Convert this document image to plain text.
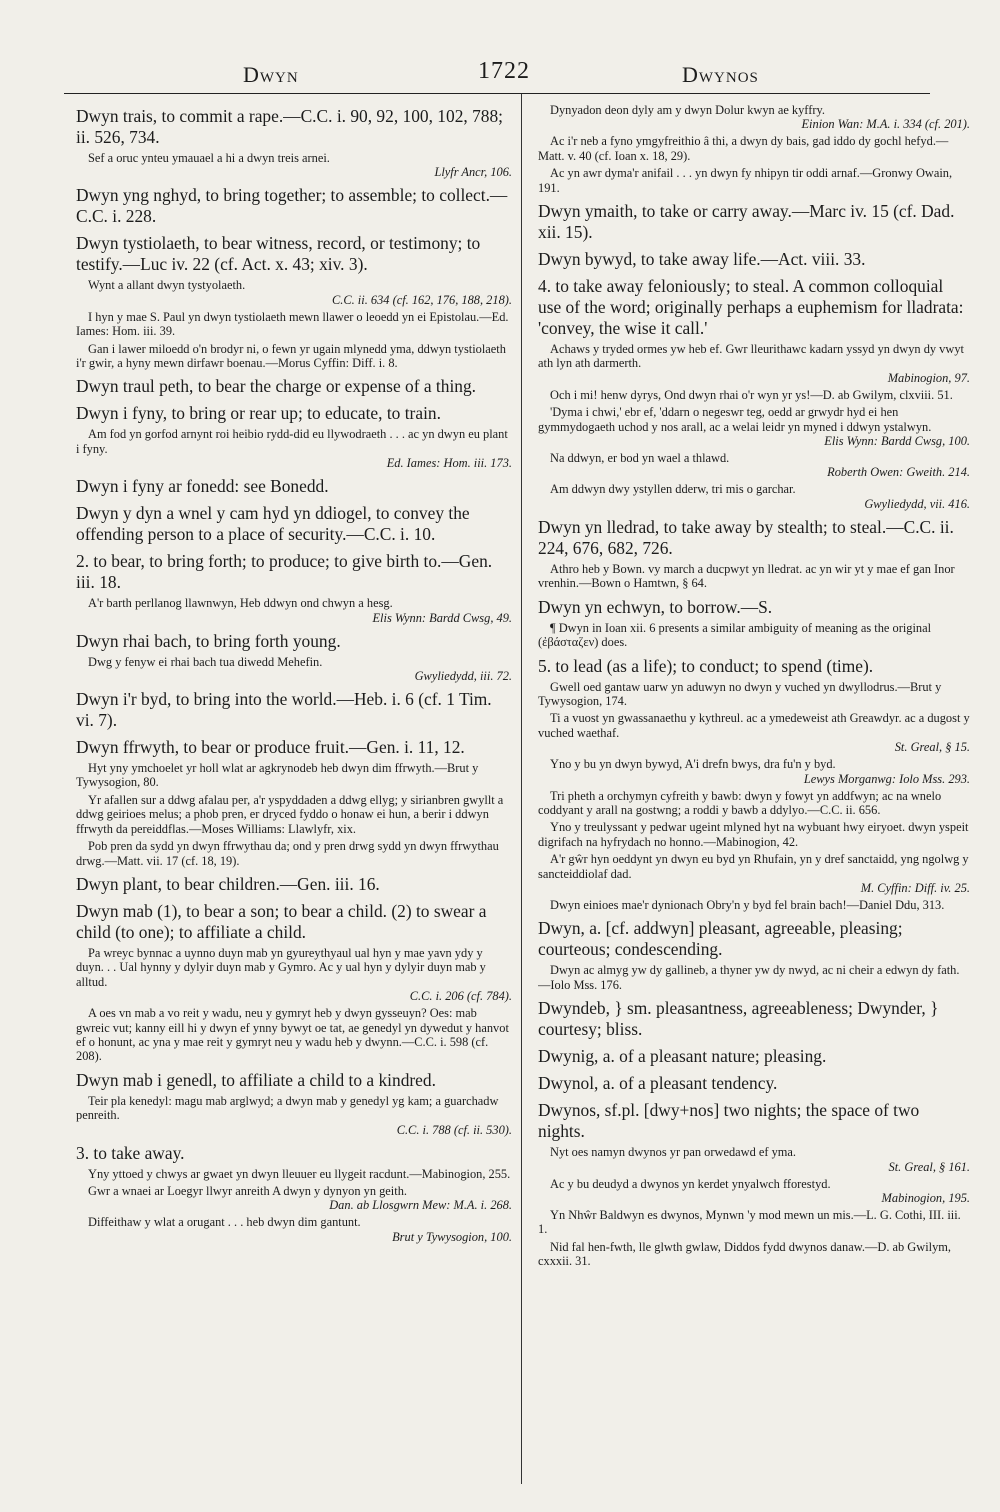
Dwyn	1722	Dwynos

Dwyn trais, to commit a rape.—C.C. i. 90, 92, 100, 102, 788; ii. 526, 734.

Sef a oruc ynteu ymauael a hi a dwyn treis arnei.

Llyfr Ancr, 106.

Dwyn yng nghyd, to bring together; to assemble; to collect.—C.C. i. 228.

Dwyn tystiolaeth, to bear witness, record, or testimony; to testify.—Luc iv. 22 (cf. Act. x. 43; xiv. 3).

Wynt a allant dwyn tystyolaeth.

C.C. ii. 634 (cf. 162, 176, 188, 218).

I hyn y mae S. Paul yn dwyn tystiolaeth mewn llawer o leoedd yn ei Epistolau.—Ed. Iames: Hom. iii. 39.

Gan i lawer miloedd o'n brodyr ni, o fewn yr ugain mlynedd yma, ddwyn tystiolaeth i'r gwir, a hyny mewn dirfawr boenau.—Morus Cyffin: Diff. i. 8.

Dwyn traul peth, to bear the charge or expense of a thing.

Dwyn i fyny, to bring or rear up; to educate, to train.

Am fod yn gorfod arnynt roi heibio rydd-did eu llywodraeth . . . ac yn dwyn eu plant i fyny.

Ed. Iames: Hom. iii. 173.

Dwyn i fyny ar fonedd: see Bonedd.

Dwyn y dyn a wnel y cam hyd yn ddiogel, to convey the offending person to a place of security.—C.C. i. 10.

2. to bear, to bring forth; to produce; to give birth to.—Gen. iii. 18.

A'r barth perllanog llawnwyn, Heb ddwyn ond chwyn a hesg.

Elis Wynn: Bardd Cwsg, 49.

Dwyn rhai bach, to bring forth young.

Dwg y fenyw ei rhai bach tua diwedd Mehefin.

Gwyliedydd, iii. 72.

Dwyn i'r byd, to bring into the world.—Heb. i. 6 (cf. 1 Tim. vi. 7).

Dwyn ffrwyth, to bear or produce fruit.—Gen. i. 11, 12.

Hyt yny ymchoelet yr holl wlat ar agkrynodeb heb dwyn dim ffrwyth.—Brut y Tywysogion, 80.

Yr afallen sur a ddwg afalau per, a'r yspyddaden a ddwg ellyg; y sirianbren gwyllt a ddwg geirioes melus; a phob pren, er dryced fyddo o honaw ei hun, a berir i ddwyn ffrwyth da pereiddflas.—Moses Williams: Llawlyfr, xix.

Pob pren da sydd yn dwyn ffrwythau da; ond y pren drwg sydd yn dwyn ffrwythau drwg.—Matt. vii. 17 (cf. 18, 19).

Dwyn plant, to bear children.—Gen. iii. 16.

Dwyn mab (1), to bear a son; to bear a child. (2) to swear a child (to one); to affiliate a child.

Pa wreyc bynnac a uynno duyn mab yn gyureythyaul ual hyn y mae yavn ydy y duyn. . . Ual hynny y dylyir duyn mab y Gymro. Ac y ual hyn y dylyir duyn mab y alltud.

C.C. i. 206 (cf. 784).

A oes vn mab a vo reit y wadu, neu y gymryt heb y dwyn gysseuyn? Oes: mab gwreic vut; kanny eill hi y dwyn ef ynny bywyt oe tat, ae genedyl yn dywedut y hanvot ef o honunt, ac yna y mae reit y gymryt neu y wadu heb y dwynn.—C.C. i. 598 (cf. 208).

Dwyn mab i genedl, to affiliate a child to a kindred.

Teir pla kenedyl: magu mab arglwyd; a dwyn mab y genedyl yg kam; a guarchadw penreith.

C.C. i. 788 (cf. ii. 530).

3. to take away.

Yny yttoed y chwys ar gwaet yn dwyn lleuuer eu llygeit racdunt.—Mabinogion, 255.

Gwr a wnaei ar Loegyr llwyr anreith A dwyn y dynyon yn geith.

Dan. ab Llosgwrn Mew: M.A. i. 268.

Diffeithaw y wlat a orugant . . . heb dwyn dim gantunt.

Brut y Tywysogion, 100.

Dynyadon deon dyly am y dwyn Dolur kwyn ae kyffry.

Einion Wan: M.A. i. 334 (cf. 201).

Ac i'r neb a fyno ymgyfreithio â thi, a dwyn dy bais, gad iddo dy gochl hefyd.—Matt. v. 40 (cf. Ioan x. 18, 29).

Ac yn awr dyma'r anifail . . . yn dwyn fy nhipyn tir oddi arnaf.—Gronwy Owain, 191.

Dwyn ymaith, to take or carry away.—Marc iv. 15 (cf. Dad. xii. 15).

Dwyn bywyd, to take away life.—Act. viii. 33.

4. to take away feloniously; to steal. A common colloquial use of the word; originally perhaps a euphemism for lladrata: 'convey, the wise it call.'

Achaws y tryded ormes yw heb ef. Gwr lleurithawc kadarn yssyd yn dwyn dy vwyt ath lyn ath darmerth.

Mabinogion, 97.

Och i mi! henw dyrys, Ond dwyn rhai o'r wyn yr ys!—D. ab Gwilym, clxviii. 51.

'Dyma i chwi,' ebr ef, 'ddarn o negeswr teg, oedd ar grwydr hyd ei hen gymmydogaeth uchod y nos arall, ac a welai leidr yn myned i ddwyn ystalwyn.

Elis Wynn: Bardd Cwsg, 100.

Na ddwyn, er bod yn wael a thlawd.

Roberth Owen: Gweith. 214.

Am ddwyn dwy ystyllen dderw, tri mis o garchar.

Gwyliedydd, vii. 416.

Dwyn yn lledrad, to take away by stealth; to steal.—C.C. ii. 224, 676, 682, 726.

Athro heb y Bown. vy march a ducpwyt yn lledrat. ac yn wir yt y mae ef gan Inor vrenhin.—Bown o Hamtwn, § 64.

Dwyn yn echwyn, to borrow.—S.

¶ Dwyn in Ioan xii. 6 presents a similar ambiguity of meaning as the original (ἐβάσταζεν) does.

5. to lead (as a life); to conduct; to spend (time).

Gwell oed gantaw uarw yn aduwyn no dwyn y vuched yn dwyllodrus.—Brut y Tywysogion, 174.

Ti a vuost yn gwassanaethu y kythreul. ac a ymedeweist ath Greawdyr. ac a dugost y vuched waethaf.

St. Greal, § 15.

Yno y bu yn dwyn bywyd, A'i drefn bwys, dra fu'n y byd.

Lewys Morganwg: Iolo Mss. 293.

Tri pheth a orchymyn cyfreith y bawb: dwyn y fowyt yn addfwyn; ac na wnelo coddyant y arall na gostwng; a roddi y bawb a ddylyo.—C.C. ii. 656.

Yno y treulyssant y pedwar ugeint mlyned hyt na wybuant hwy eiryoet. dwyn yspeit digrifach na hyfrydach no honno.—Mabinogion, 42.

A'r gŵr hyn oeddynt yn dwyn eu byd yn Rhufain, yn y dref sanctaidd, yng ngolwg y sancteiddiolaf dad.

M. Cyffin: Diff. iv. 25.

Dwyn einioes mae'r dynionach Obry'n y byd fel brain bach!—Daniel Ddu, 313.

Dwyn, a. [cf. addwyn] pleasant, agreeable, pleasing; courteous; condescending.

Dwyn ac almyg yw dy gallineb, a thyner yw dy nwyd, ac ni cheir a edwyn dy fath.—Iolo Mss. 176.

Dwyndeb, } sm. pleasantness, agreeableness; Dwynder, } courtesy; bliss.

Dwynig, a. of a pleasant nature; pleasing.

Dwynol, a. of a pleasant tendency.

Dwynos, sf.pl. [dwy+nos] two nights; the space of two nights.

Nyt oes namyn dwynos yr pan orwedawd ef yma.

St. Greal, § 161.

Ac y bu deudyd a dwynos yn kerdet ynyalwch fforestyd.

Mabinogion, 195.

Yn Nhŵr Baldwyn es dwynos, Mynwn 'y mod mewn un mis.—L. G. Cothi, III. iii. 1.

Nid fal hen-fwth, lle glwth gwlaw, Diddos fydd dwynos danaw.—D. ab Gwilym, cxxxii. 31.
